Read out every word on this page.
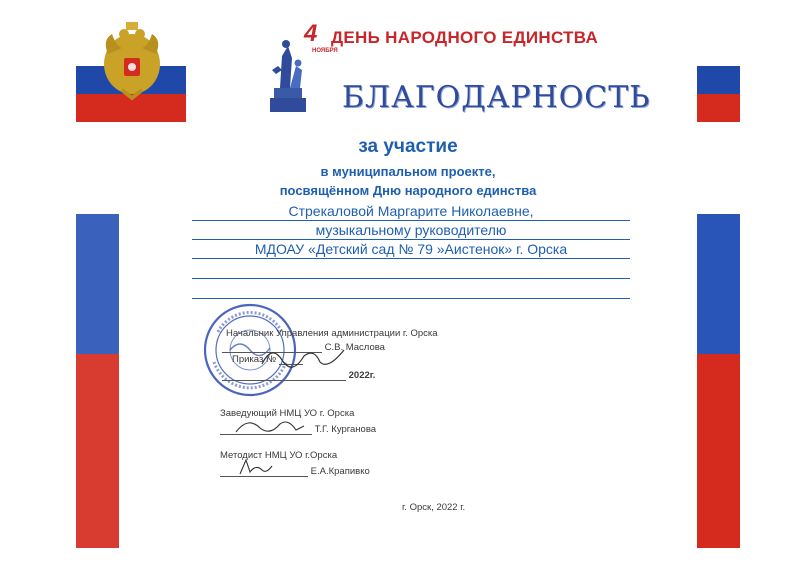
4
НОЯБРЯ
ДЕНЬ НАРОДНОГО ЕДИНСТВА
БЛАГОДАРНОСТЬ
за участие
в муниципальном проекте,
посвящённом Дню народного единства
Стрекаловой Маргарите Николаевне,
музыкальному руководителю
МДОАУ «Детский сад № 79 »Аистенок» г. Орска
Начальник Управления администрации г. Орска
С.В. Маслова
Приказ №
2022г.
Заведующий НМЦ УО г. Орска
Т.Г. Курганова
Методист НМЦ УО г.Орска
Е.А.Крапивко
г. Орск, 2022 г.
